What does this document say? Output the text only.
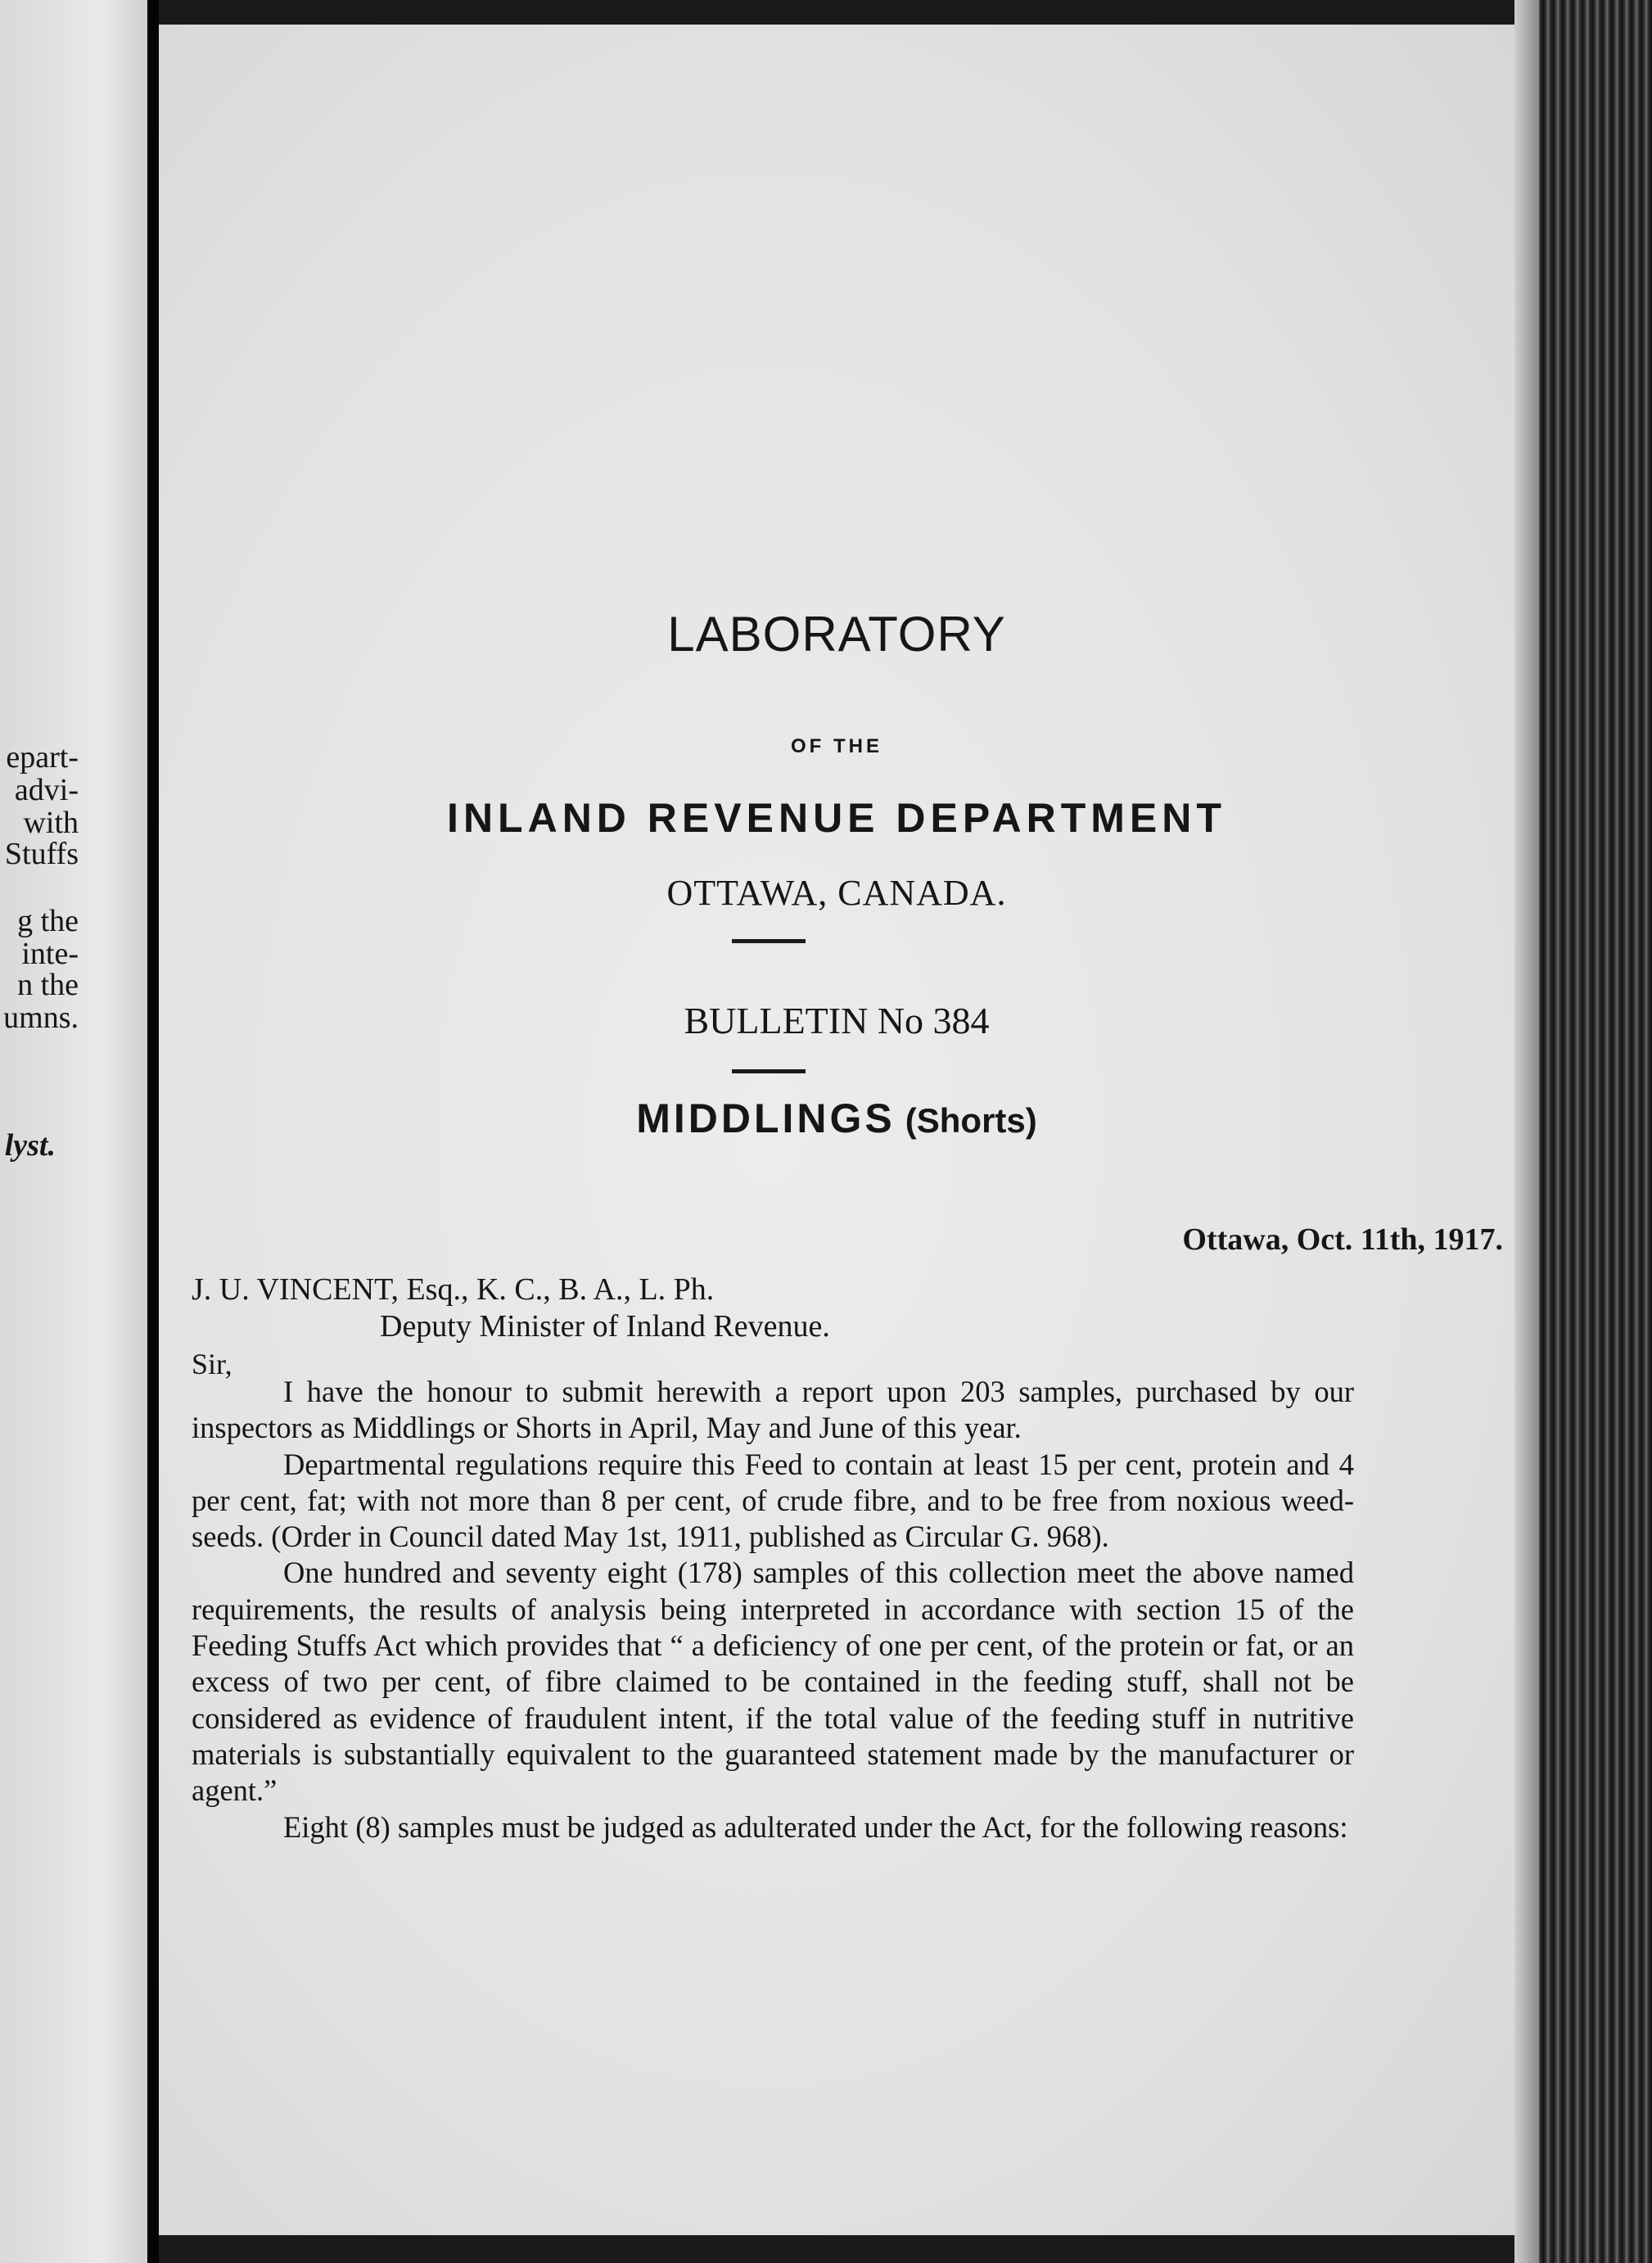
epart-
advi-
with
Stuffs
g the
inte-
n the
umns.
lyst.
LABORATORY
OF THE
INLAND REVENUE DEPARTMENT
OTTAWA, CANADA.
BULLETIN No 384
MIDDLINGS (Shorts)
Ottawa, Oct. 11th, 1917.
J. U. VINCENT, Esq., K. C., B. A., L. Ph.
Deputy Minister of Inland Revenue.
Sir,

I have the honour to submit herewith a report upon 203 samples, purchased by our inspectors as Middlings or Shorts in April, May and June of this year.

Departmental regulations require this Feed to contain at least 15 per cent, protein and 4 per cent, fat; with not more than 8 per cent, of crude fibre, and to be free from noxious weed-seeds. (Order in Council dated May 1st, 1911, published as Circular G. 968).

One hundred and seventy eight (178) samples of this collection meet the above named requirements, the results of analysis being interpreted in accordance with section 15 of the Feeding Stuffs Act which provides that “ a deficiency of one per cent, of the protein or fat, or an excess of two per cent, of fibre claimed to be contained in the feeding stuff, shall not be considered as evidence of fraudulent intent, if the total value of the feeding stuff in nutritive materials is substantially equivalent to the guaranteed statement made by the manufacturer or agent.”

Eight (8) samples must be judged as adulterated under the Act, for the following reasons:
